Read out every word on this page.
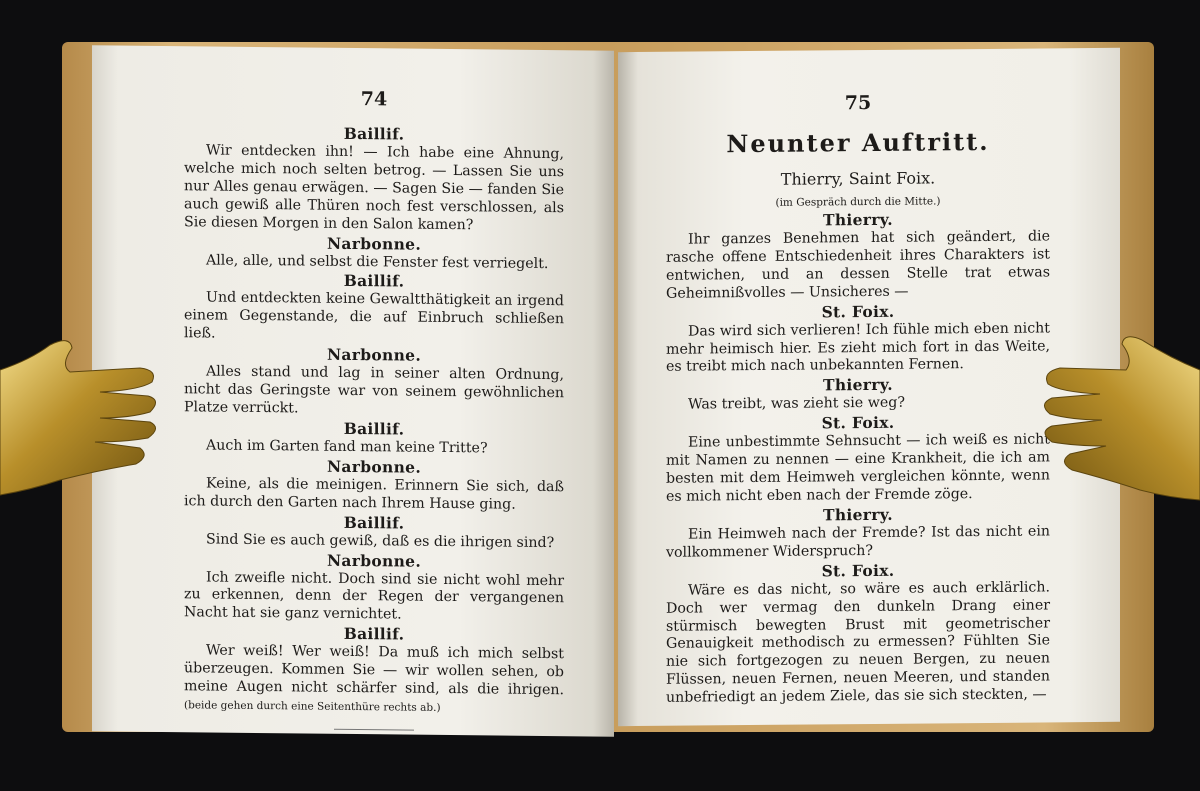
74
Baillif.
Wir entdecken ihn! — Ich habe eine Ahnung, welche mich noch selten betrog. — Lassen Sie uns nur Alles genau erwägen. — Sagen Sie — fanden Sie auch gewiß alle Thüren noch fest verschlossen, als Sie diesen Morgen in den Salon kamen?
Narbonne.
Alle, alle, und selbst die Fenster fest verriegelt.
Baillif.
Und entdeckten keine Gewaltthätigkeit an irgend einem Gegenstande, die auf Einbruch schließen ließ.
Narbonne.
Alles stand und lag in seiner alten Ordnung, nicht das Geringste war von seinem gewöhnlichen Platze verrückt.
Baillif.
Auch im Garten fand man keine Tritte?
Narbonne.
Keine, als die meinigen. Erinnern Sie sich, daß ich durch den Garten nach Ihrem Hause ging.
Baillif.
Sind Sie es auch gewiß, daß es die ihrigen sind?
Narbonne.
Ich zweifle nicht. Doch sind sie nicht wohl mehr zu erkennen, denn der Regen der vergangenen Nacht hat sie ganz vernichtet.
Baillif.
Wer weiß! Wer weiß! Da muß ich mich selbst überzeugen. Kommen Sie — wir wollen sehen, ob meine Augen nicht schärfer sind, als die ihrigen. (beide gehen durch eine Seitenthüre rechts ab.)
75
Neunter Auftritt.
Thierry, Saint Foix.
(im Gespräch durch die Mitte.)
Thierry.
Ihr ganzes Benehmen hat sich geändert, die rasche offene Entschiedenheit ihres Charakters ist entwichen, und an dessen Stelle trat etwas Geheimnißvolles — Unsicheres —
St. Foix.
Das wird sich verlieren! Ich fühle mich eben nicht mehr heimisch hier. Es zieht mich fort in das Weite, es treibt mich nach unbekannten Fernen.
Thierry.
Was treibt, was zieht sie weg?
St. Foix.
Eine unbestimmte Sehnsucht — ich weiß es nicht mit Namen zu nennen — eine Krankheit, die ich am besten mit dem Heimweh vergleichen könnte, wenn es mich nicht eben nach der Fremde zöge.
Thierry.
Ein Heimweh nach der Fremde? Ist das nicht ein vollkommener Widerspruch?
St. Foix.
Wäre es das nicht, so wäre es auch erklärlich. Doch wer vermag den dunkeln Drang einer stürmisch bewegten Brust mit geometrischer Genauigkeit methodisch zu ermessen? Fühlten Sie nie sich fortgezogen zu neuen Bergen, zu neuen Flüssen, neuen Fernen, neuen Meeren, und standen unbefriedigt an jedem Ziele, das sie sich steckten, —
